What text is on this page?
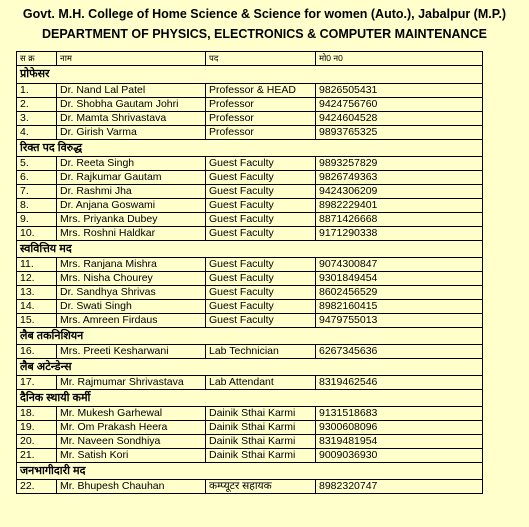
Govt. M.H. College of Home Science & Science for women (Auto.), Jabalpur (M.P.)
DEPARTMENT OF PHYSICS, ELECTRONICS & COMPUTER MAINTENANCE
स क्र	नाम	पद	मो0 न0
प्रोफेसर			
1.	Dr. Nand Lal Patel	Professor & HEAD	9826505431
2.	Dr. Shobha Gautam Johri	Professor	9424756760
3.	Dr. Mamta Shrivastava	Professor	9424604528
4.	Dr. Girish Varma	Professor	9893765325
रिक्त पद विरुद्ध			
5.	Dr. Reeta Singh	Guest Faculty	9893257829
6.	Dr. Rajkumar Gautam	Guest Faculty	9826749363
7.	Dr. Rashmi Jha	Guest Faculty	9424306209
8.	Dr. Anjana Goswami	Guest Faculty	8982229401
9.	Mrs. Priyanka Dubey	Guest Faculty	8871426668
10.	Mrs. Roshni Haldkar	Guest Faculty	9171290338
स्ववित्तिय मद			
11.	Mrs. Ranjana Mishra	Guest Faculty	9074300847
12.	Mrs. Nisha Chourey	Guest Faculty	9301849454
13.	Dr. Sandhya Shrivas	Guest Faculty	8602456529
14.	Dr. Swati Singh	Guest Faculty	8982160415
15.	Mrs. Amreen Firdaus	Guest Faculty	9479755013
लैब तकनिशियन			
16.	Mrs. Preeti Kesharwani	Lab Technician	6267345636
लैब अटेन्डेन्स			
17.	Mr. Rajmumar Shrivastava	Lab Attendant	8319462546
दैनिक स्थायी कर्मी			
18.	Mr. Mukesh Garhewal	Dainik Sthai Karmi	9131518683
19.	Mr. Om Prakash Heera	Dainik Sthai Karmi	9300608096
20.	Mr. Naveen Sondhiya	Dainik Sthai Karmi	8319481954
21.	Mr. Satish Kori	Dainik Sthai Karmi	9009036930
जनभागीदारी मद			
22.	Mr. Bhupesh Chauhan	कम्प्यूटर सहायक	8982320747
